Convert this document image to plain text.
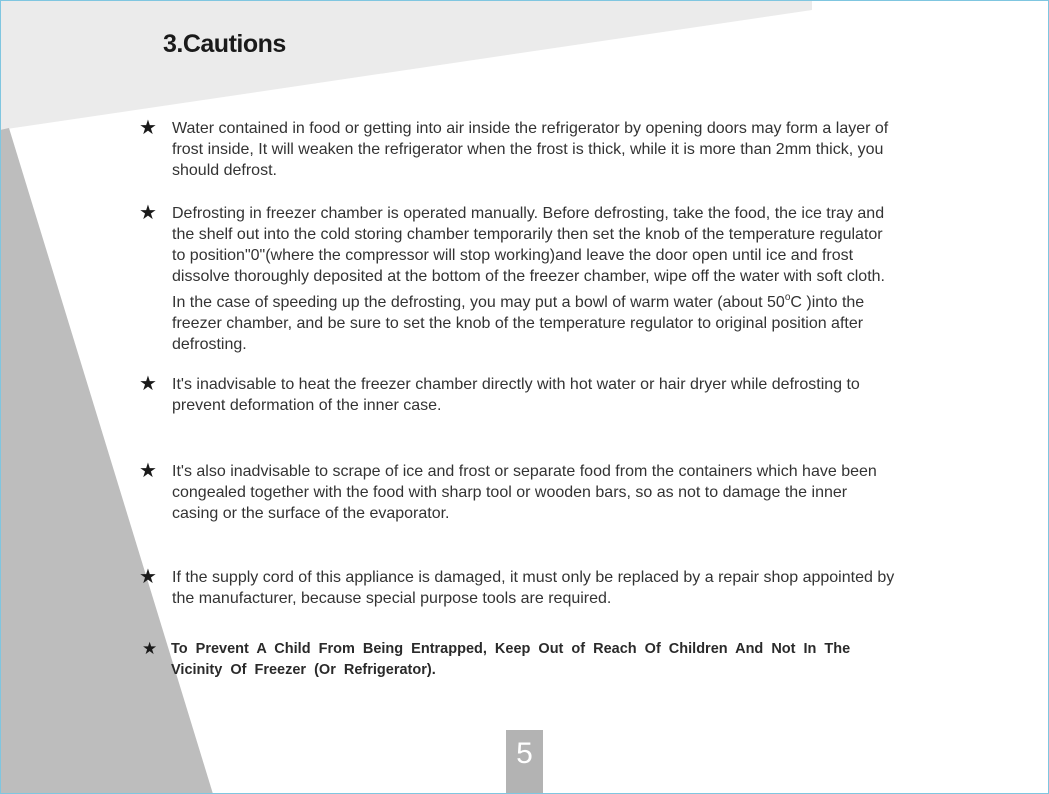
3.Cautions
★ Water contained in food or getting into air inside the refrigerator by opening doors may form a layer of frost inside, It will weaken the refrigerator when the frost is thick, while it is more than 2mm thick, you should defrost.

★ Defrosting in freezer chamber is operated manually. Before defrosting, take the food, the ice tray and the shelf out into the cold storing chamber temporarily then set the knob of the temperature regulator to position"0"(where the compressor will stop working)and leave the door open until ice and frost dissolve thoroughly deposited at the bottom of the freezer chamber, wipe off the water with soft cloth. In the case of speeding up the defrosting, you may put a bowl of warm water (about 50$^o$C )into the freezer chamber, and be sure to set the knob of the temperature regulator to original position after defrosting.

★ It's inadvisable to heat the freezer chamber directly with hot water or hair dryer while defrosting to prevent deformation of the inner case.

★ It's also inadvisable to scrape of ice and frost or separate food from the containers which have been congealed together with the food with sharp tool or wooden bars, so as not to damage the inner casing or the surface of the evaporator.

★ If the supply cord of this appliance is damaged, it must only be replaced by a repair shop appointed by the manufacturer, because special purpose tools are required.

★ To Prevent A Child From Being Entrapped, Keep Out of Reach Of Children And Not In The Vicinity Of Freezer (Or Refrigerator).

5
